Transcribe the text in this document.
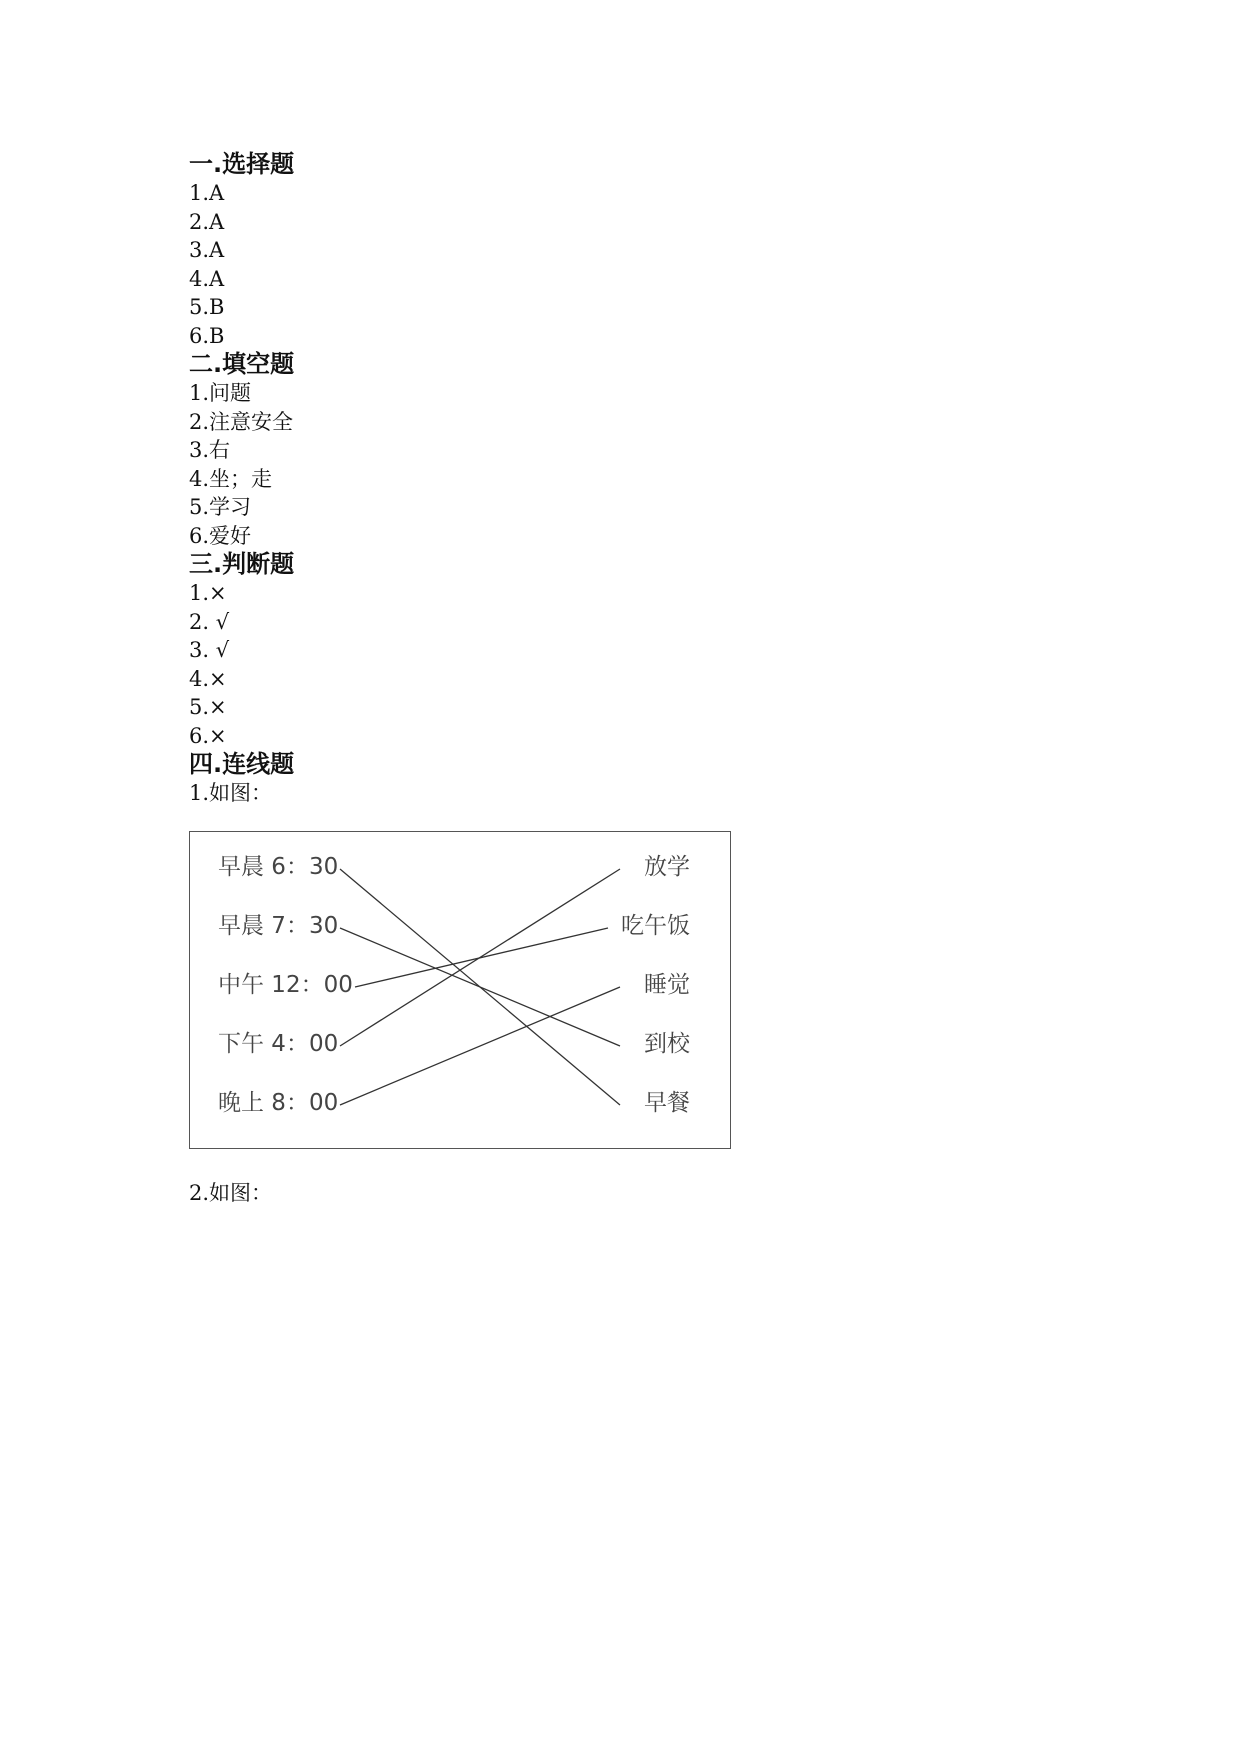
一.选择题
1.A
2.A
3.A
4.A
5.B
6.B
二.填空题
1.问题
2.注意安全
3.右
4.坐；走
5.学习
6.爱好
三.判断题
1.×
2. √
3. √
4.×
5.×
6.×
四.连线题
1.如图：
早晨 6：30
早晨 7：30
中午 12：00
下午 4：00
晚上 8：00
放学
吃午饭
睡觉
到校
早餐
2.如图：
